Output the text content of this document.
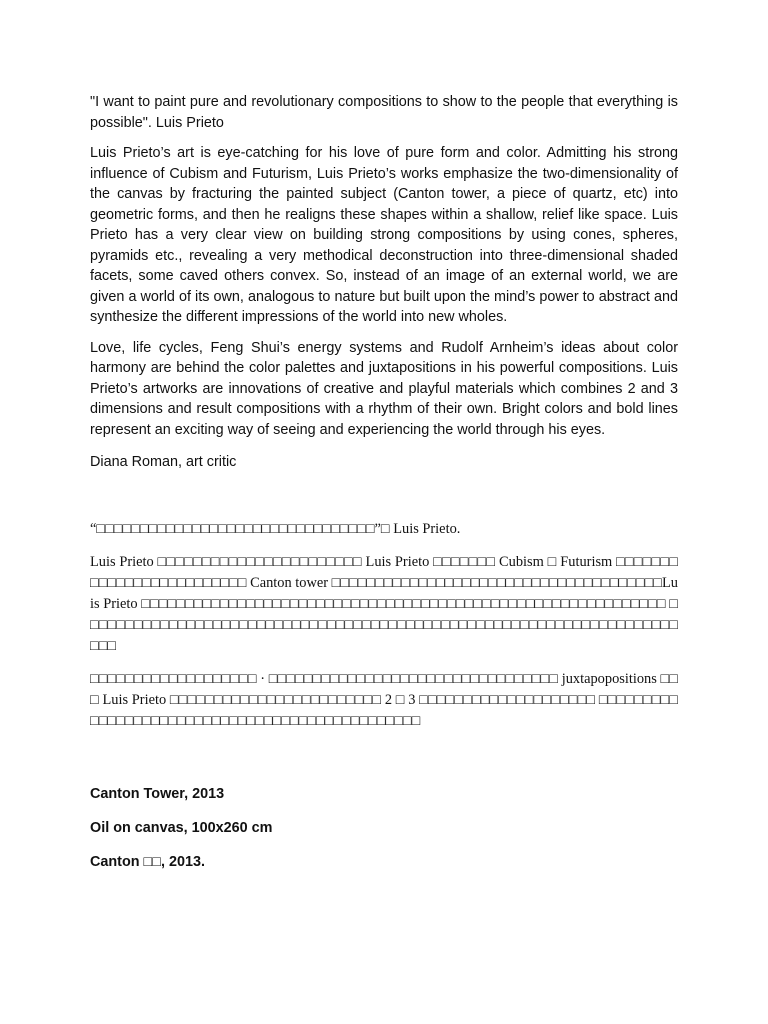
"I want to paint pure and revolutionary compositions to show to the people that everything is possible". Luis Prieto

Luis Prieto’s art is eye-catching for his love of pure form and color. Admitting his strong influence of Cubism and Futurism, Luis Prieto’s works emphasize the two-dimensionality of the canvas by fracturing the painted subject (Canton tower, a piece of quartz, etc) into geometric forms, and then he realigns these shapes within a shallow, relief like space. Luis Prieto has a very clear view on building strong compositions by using cones, spheres, pyramids etc., revealing a very methodical deconstruction into three-dimensional shaded facets, some caved others convex. So, instead of an image of an external world, we are given a world of its own, analogous to nature but built upon the mind’s power to abstract and synthesize the different impressions of the world into new wholes.

Love, life cycles, Feng Shui’s energy systems and Rudolf Arnheim’s ideas about color harmony are behind the color palettes and juxtapositions in his powerful compositions. Luis Prieto’s artworks are innovations of creative and playful materials which combines 2 and 3 dimensions and result compositions with a rhythm of their own. Bright colors and bold lines represent an exciting way of seeing and experiencing the world through his eyes.

Diana Roman, art critic

“□□□□□□□□□□□□□□□□□□□□□□□□□□□□□□□□”□ Luis Prieto.

Luis Prieto □□□□□□□□□□□□□□□□□□□□□□□ Luis Prieto □□□□□□□ Cubism □ Futurism □□□□□□□□□□□□□□□□□□□□□□□□□ Canton tower □□□□□□□□□□□□□□□□□□□□□□□□□□□□□□□□□□□□□□Luis Prieto □□□□□□□□□□□□□□□□□□□□□□□□□□□□□□□□□□□□□□□□□□□□□□□□□□□□□□□□□□□□ □□□□□□□□□□□□□□□□□□□□□□□□□□□□□□□□□□□□□□□□□□□□□□□□□□□□□□□□□□□□□□□□□□□□□□□

□□□□□□□□□□□□□□□□□□□ · □□□□□□□□□□□□□□□□□□□□□□□□□□□□□□□□□ juxtapopositions □□□ Luis Prieto □□□□□□□□□□□□□□□□□□□□□□□□ 2 □ 3 □□□□□□□□□□□□□□□□□□□□ □□□□□□□□□□□□□□□□□□□□□□□□□□□□□□□□□□□□□□□□□□□□□□□

Canton Tower, 2013

Oil on canvas, 100x260 cm

Canton □□, 2013.
